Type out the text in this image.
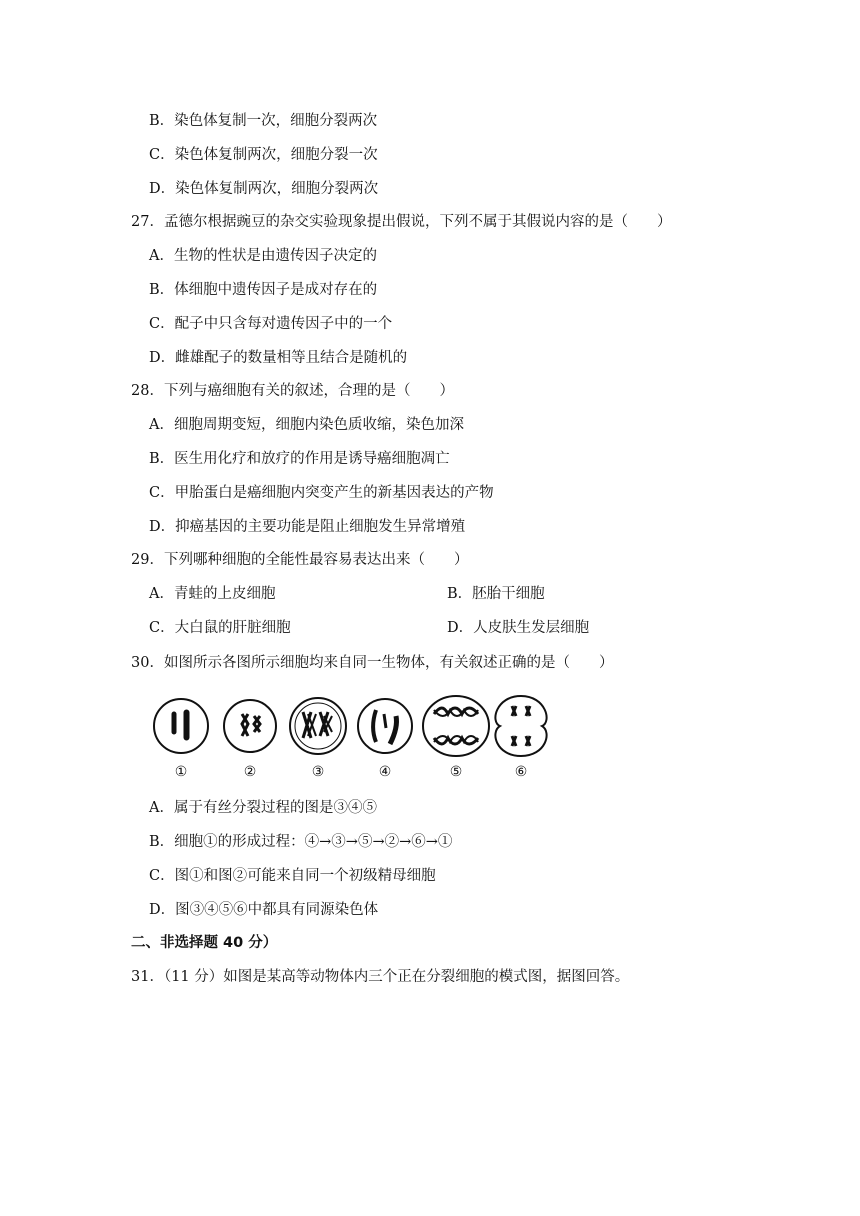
B．染色体复制一次，细胞分裂两次
C．染色体复制两次，细胞分裂一次
D．染色体复制两次，细胞分裂两次
27．孟德尔根据豌豆的杂交实验现象提出假说，下列不属于其假说内容的是（　　）
A．生物的性状是由遗传因子决定的
B．体细胞中遗传因子是成对存在的
C．配子中只含每对遗传因子中的一个
D．雌雄配子的数量相等且结合是随机的
28．下列与癌细胞有关的叙述，合理的是（　　）
A．细胞周期变短，细胞内染色质收缩，染色加深
B．医生用化疗和放疗的作用是诱导癌细胞凋亡
C．甲胎蛋白是癌细胞内突变产生的新基因表达的产物
D．抑癌基因的主要功能是阻止细胞发生异常增殖
29．下列哪种细胞的全能性最容易表达出来（　　）
A．青蛙的上皮细胞	B．胚胎干细胞
C．大白鼠的肝脏细胞	D．人皮肤生发层细胞
30．如图所示各图所示细胞均来自同一生物体，有关叙述正确的是（　　）
①	②	③	④	⑤	⑥
A．属于有丝分裂过程的图是③④⑤
B．细胞①的形成过程：④→③→⑤→②→⑥→①
C．图①和图②可能来自同一个初级精母细胞
D．图③④⑤⑥中都具有同源染色体
二、非选择题 40 分）
31．（11 分）如图是某高等动物体内三个正在分裂细胞的模式图，据图回答。
